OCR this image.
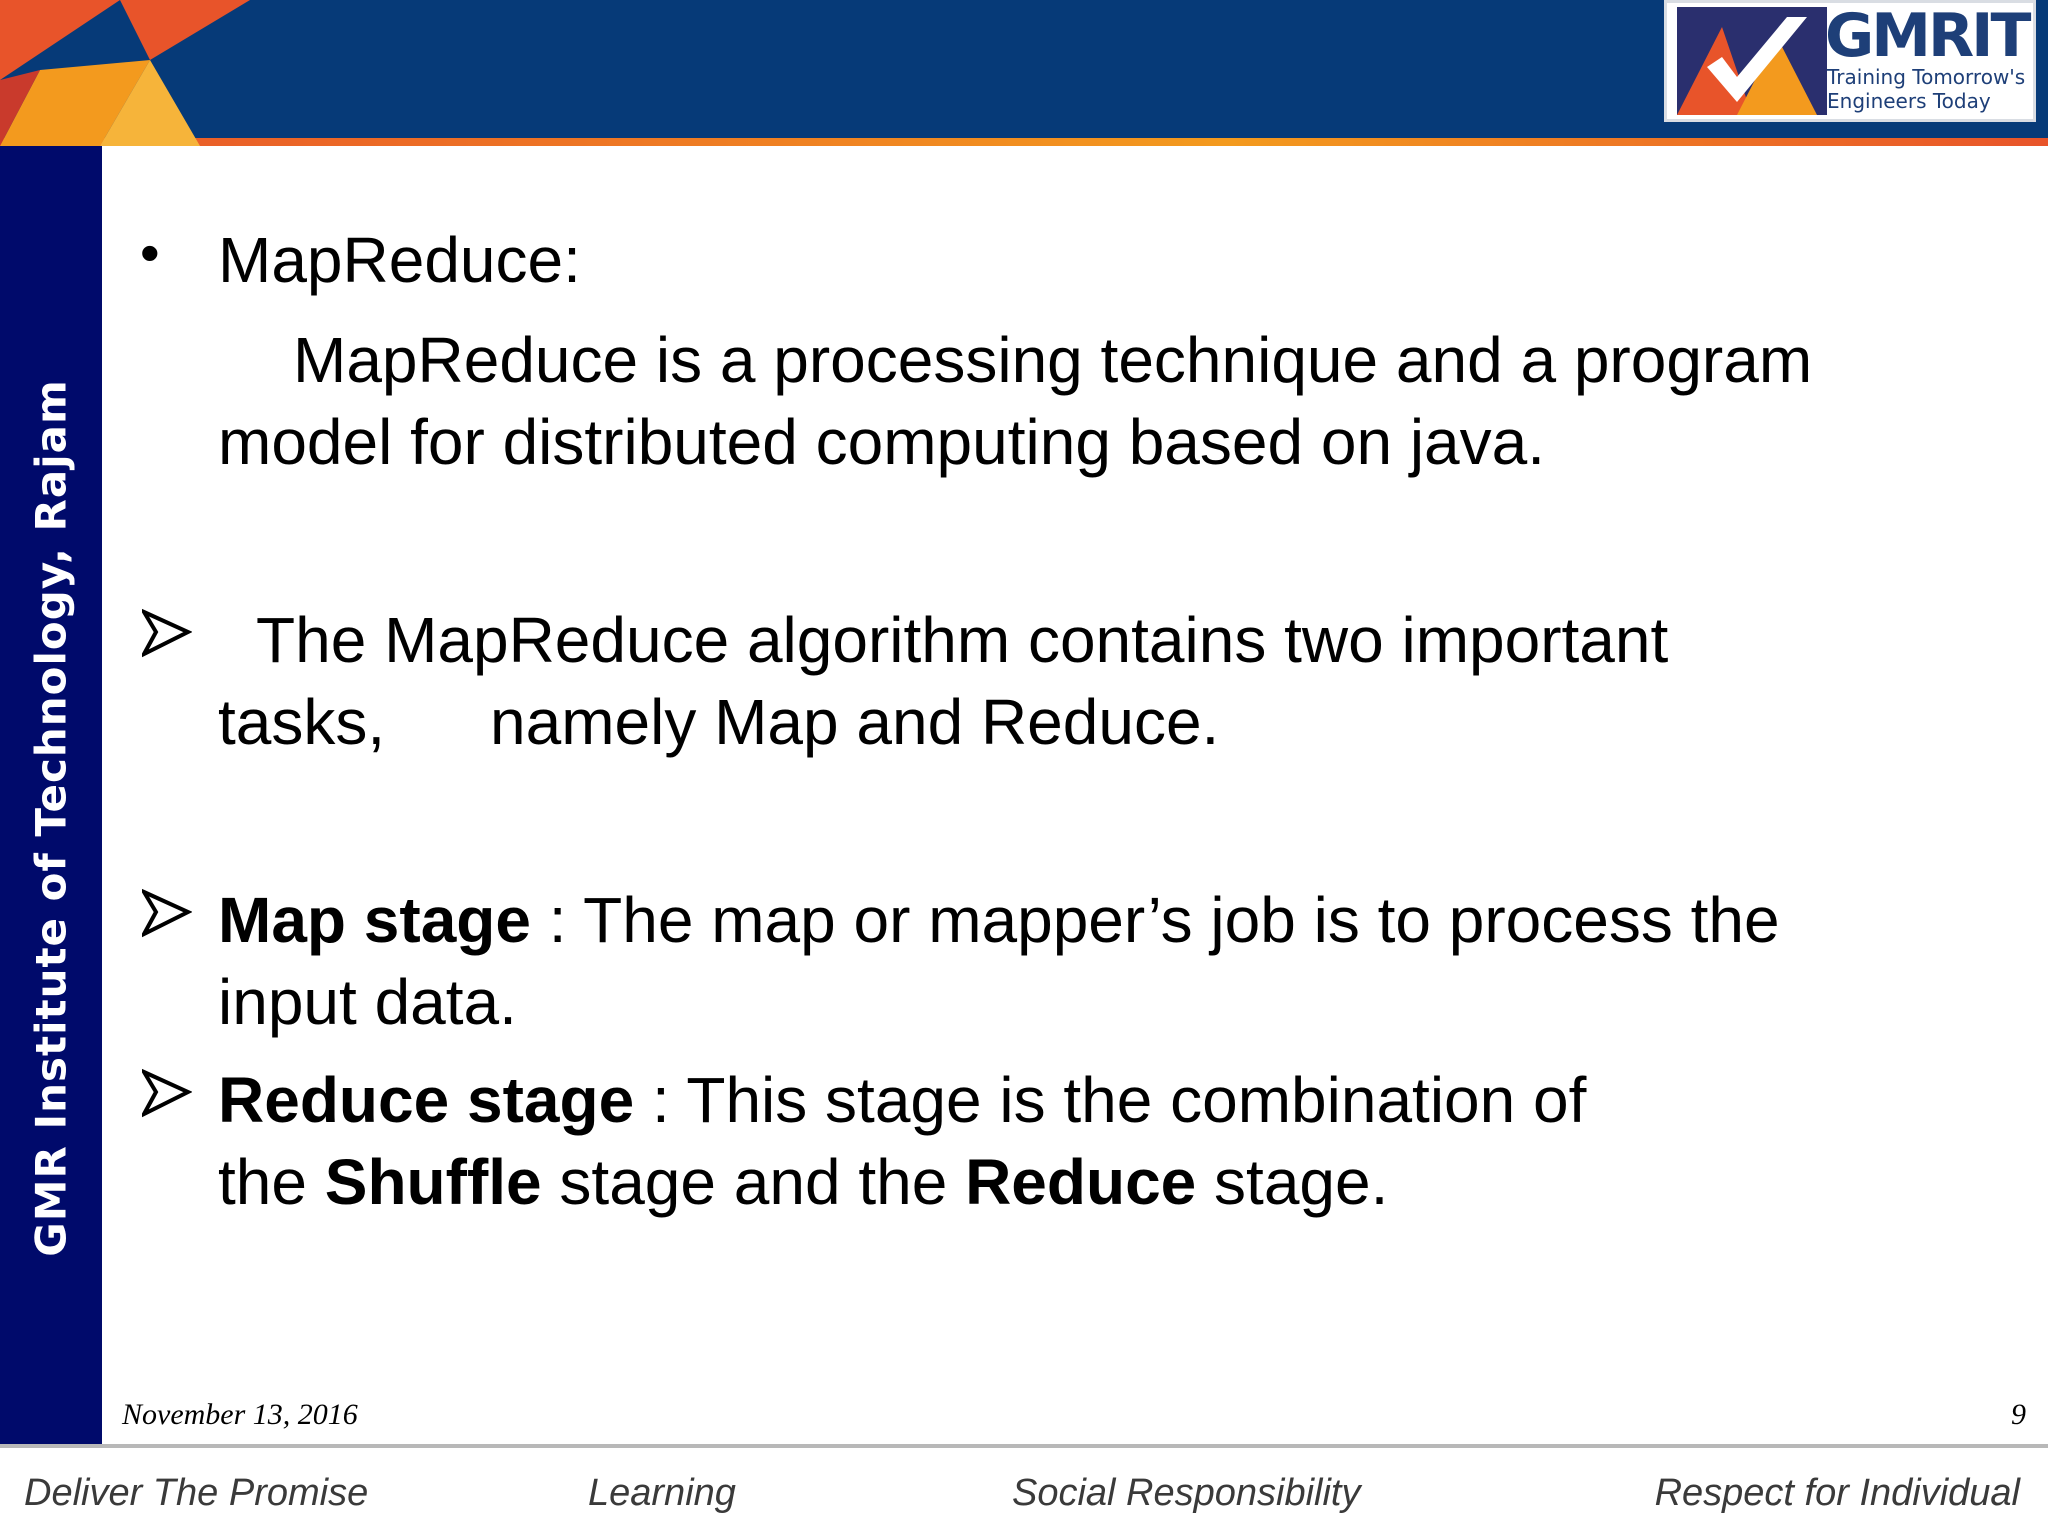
GMRIT
Training Tomorrow's
Engineers Today
GMR Institute of Technology, Rajam
• MapReduce:
MapReduce is a processing technique and a program
model for distributed computing based on java.
The MapReduce algorithm contains two important
tasks, namely Map and Reduce.
Map stage : The map or mapper’s job is to process the
input data.
Reduce stage : This stage is the combination of
the Shuffle stage and the Reduce stage.
November 13, 2016	9
Deliver The Promise	Learning	Social Responsibility	Respect for Individual
